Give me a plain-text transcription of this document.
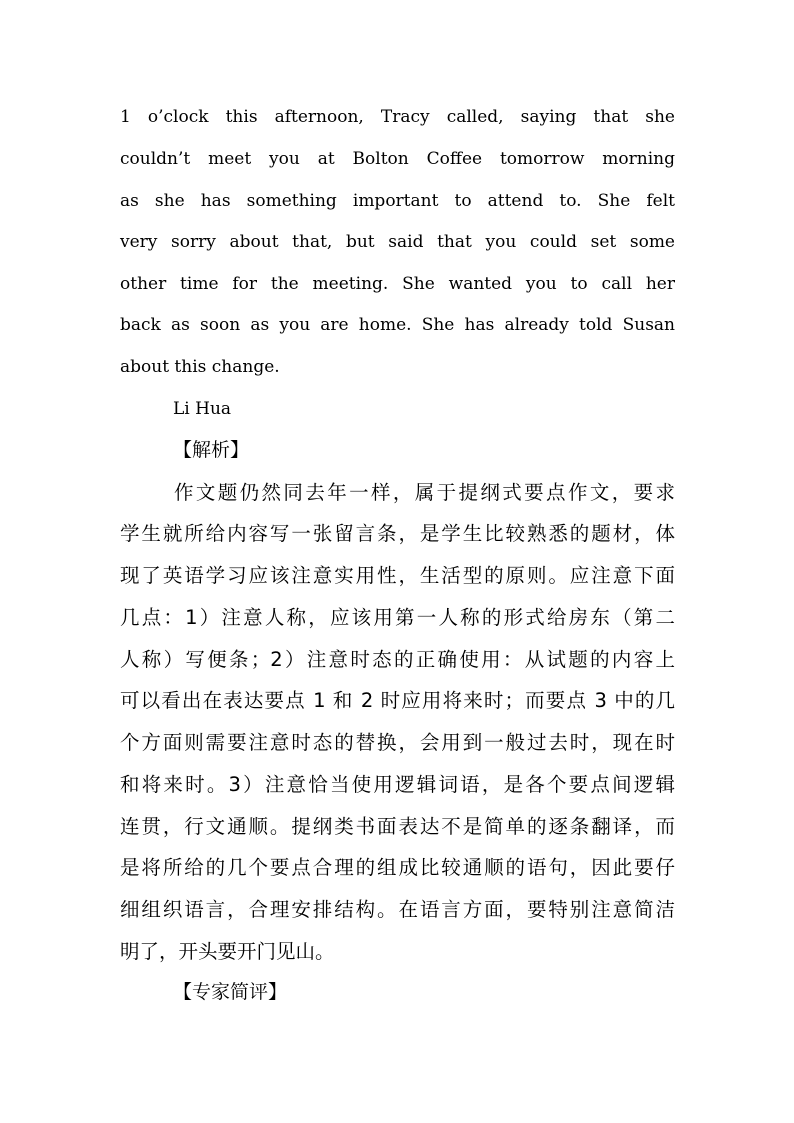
1 o’clock this afternoon, Tracy called, saying that she
couldn’t meet you at Bolton Coffee tomorrow morning
as she has something important to attend to. She felt
very sorry about that, but said that you could set some
other time for the meeting. She wanted you to call her
back as soon as you are home. She has already told Susan
about this change.
Li Hua
【解析】
作文题仍然同去年一样，属于提纲式要点作文，要求
学生就所给内容写一张留言条，是学生比较熟悉的题材，体
现了英语学习应该注意实用性，生活型的原则。应注意下面
几点：1）注意人称，应该用第一人称的形式给房东（第二
人称）写便条；2）注意时态的正确使用：从试题的内容上
可以看出在表达要点 1 和 2 时应用将来时；而要点 3 中的几
个方面则需要注意时态的替换，会用到一般过去时，现在时
和将来时。3）注意恰当使用逻辑词语，是各个要点间逻辑
连贯，行文通顺。提纲类书面表达不是简单的逐条翻译，而
是将所给的几个要点合理的组成比较通顺的语句，因此要仔
细组织语言，合理安排结构。在语言方面，要特别注意简洁
明了，开头要开门见山。
【专家简评】
